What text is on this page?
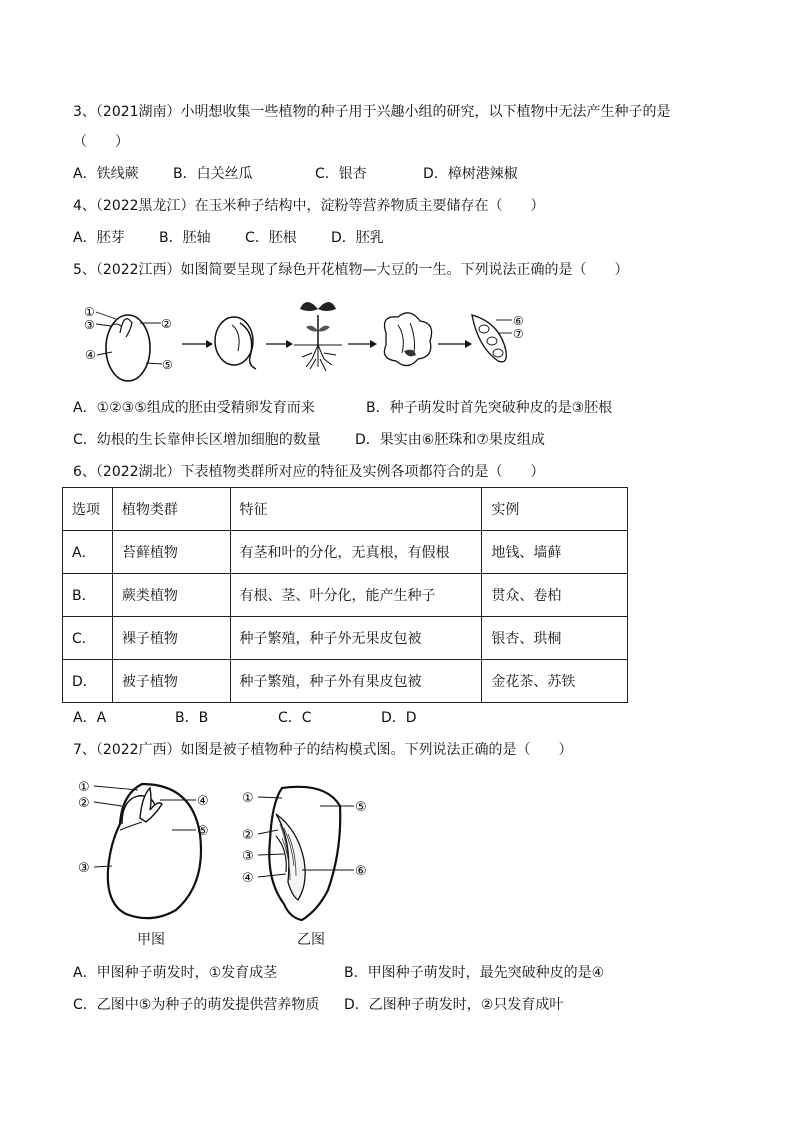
3、（2021湖南）小明想收集一些植物的种子用于兴趣小组的研究，以下植物中无法产生种子的是
（　　）
A．铁线蕨 B．白关丝瓜	C．银杏	D．樟树港辣椒
4、（2022黑龙江）在玉米种子结构中，淀粉等营养物质主要储存在（　　）
A．胚芽 B．胚轴 C．胚根 D．胚乳
5、（2022江西）如图简要呈现了绿色开花植物—大豆的一生。下列说法正确的是（　　）
①
③
④
②
⑤
⑥
⑦
A．①②③⑤组成的胚由受精卵发育而来	B．种子萌发时首先突破种皮的是③胚根
C．幼根的生长靠伸长区增加细胞的数量 D．果实由⑥胚珠和⑦果皮组成
6、（2022湖北）下表植物类群所对应的特征及实例各项都符合的是（　　）
选项	植物类群	特征	实例
A．	苔藓植物	有茎和叶的分化，无真根，有假根	地钱、墙藓
B．	蕨类植物	有根、茎、叶分化，能产生种子	贯众、卷柏
C．	裸子植物	种子繁殖，种子外无果皮包被	银杏、珙桐
D．	被子植物	种子繁殖，种子外有果皮包被	金花茶、苏铁
A．A	B．B	C．C	D．D
7、（2022广西）如图是被子植物种子的结构模式图。下列说法正确的是（　　）
①
②
③
④
⑤
甲图
①
②
③
④
⑤
⑥
乙图
A．甲图种子萌发时，①发育成茎	B．甲图种子萌发时，最先突破种皮的是④
C．乙图中⑤为种子的萌发提供营养物质 D．乙图种子萌发时，②只发育成叶
